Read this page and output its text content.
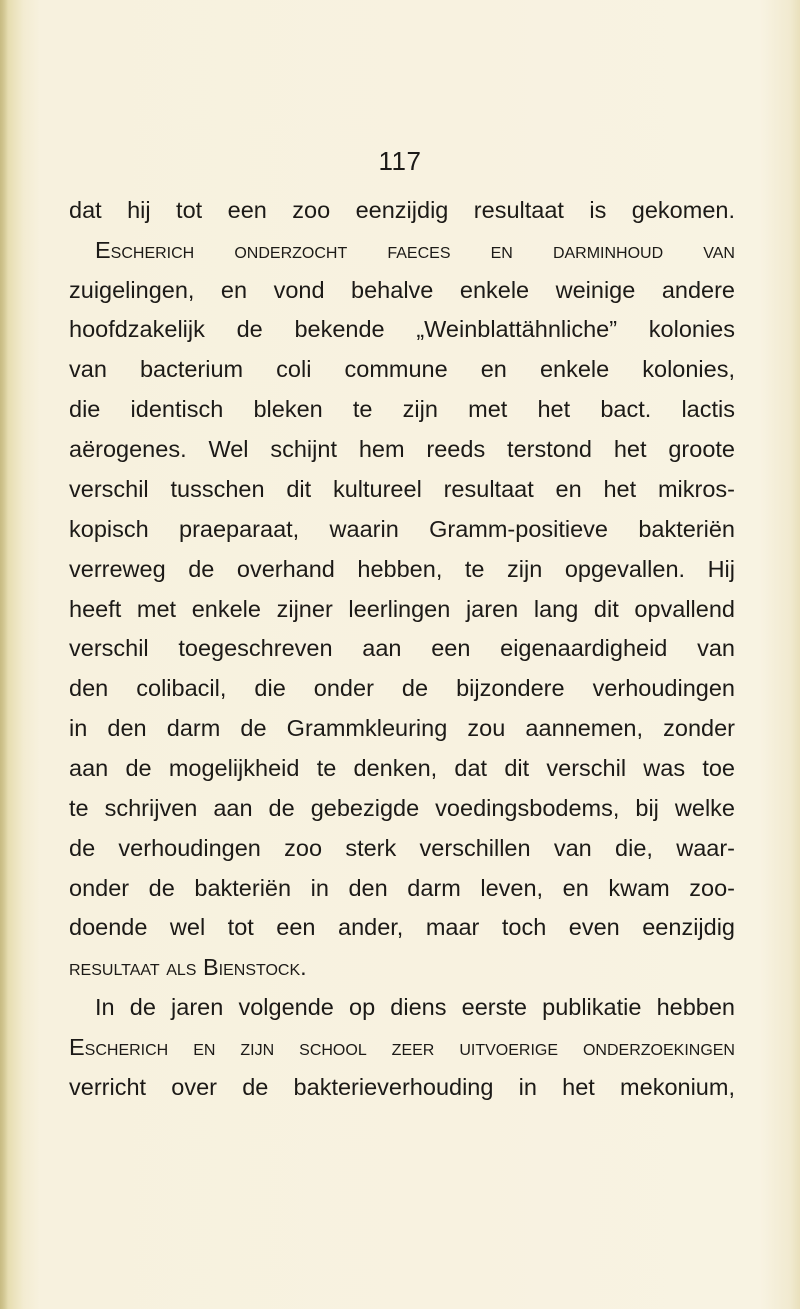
117
dat hij tot een zoo eenzijdig resultaat is gekomen.
Escherich onderzocht faeces en darminhoud van
zuigelingen, en vond behalve enkele weinige andere
hoofdzakelijk de bekende „Weinblattähnliche” kolonies
van bacterium coli commune en enkele kolonies,
die identisch bleken te zijn met het bact. lactis
aërogenes. Wel schijnt hem reeds terstond het groote
verschil tusschen dit kultureel resultaat en het mikros-
kopisch praeparaat, waarin Gramm-positieve bakteriën
verreweg de overhand hebben, te zijn opgevallen. Hij
heeft met enkele zijner leerlingen jaren lang dit opvallend
verschil toegeschreven aan een eigenaardigheid van
den colibacil, die onder de bijzondere verhoudingen
in den darm de Grammkleuring zou aannemen, zonder
aan de mogelijkheid te denken, dat dit verschil was toe
te schrijven aan de gebezigde voedingsbodems, bij welke
de verhoudingen zoo sterk verschillen van die, waar-
onder de bakteriën in den darm leven, en kwam zoo-
doende wel tot een ander, maar toch even eenzijdig
resultaat als Bienstock.
In de jaren volgende op diens eerste publikatie hebben
Escherich en zijn school zeer uitvoerige onderzoekingen
verricht over de bakterieverhouding in het mekonium,
